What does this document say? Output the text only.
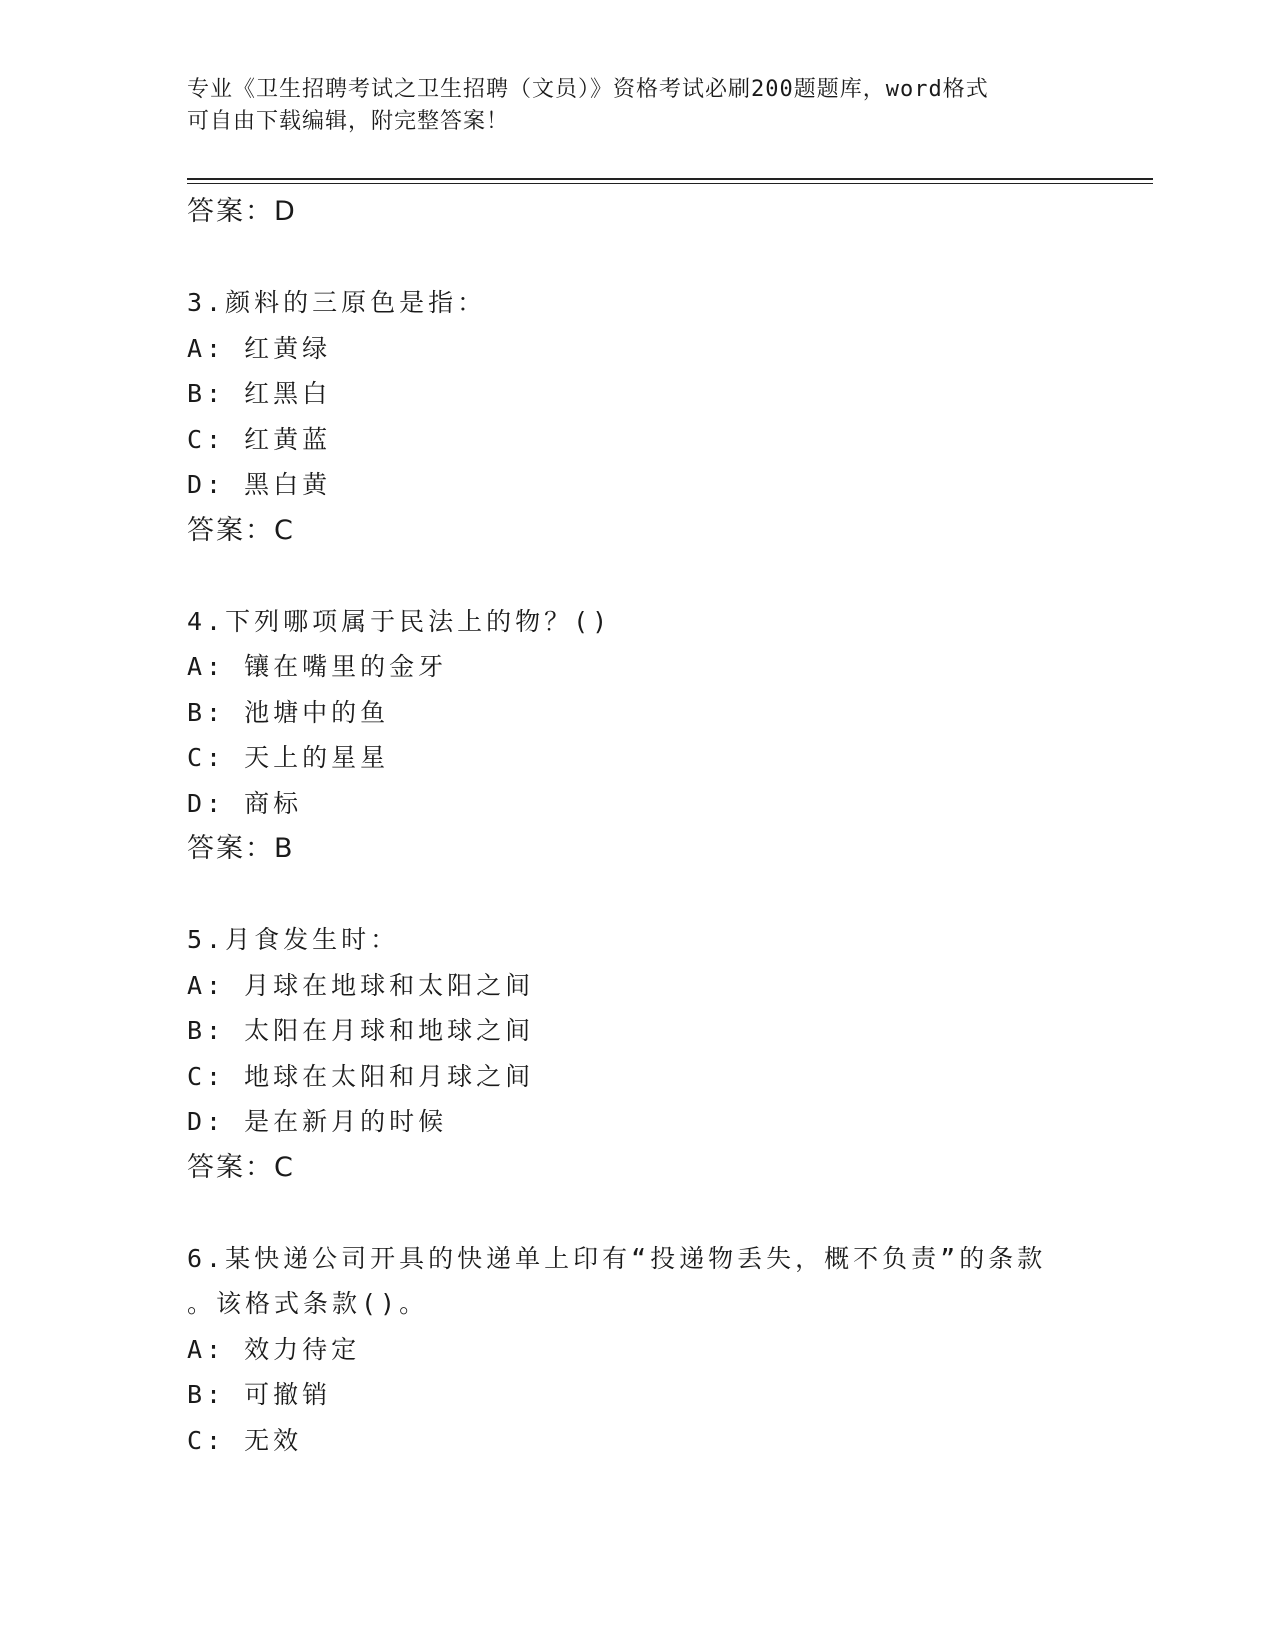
专业《卫生招聘考试之卫生招聘（文员）》资格考试必刷200题题库，word格式
可自由下载编辑，附完整答案！
答案：D
3.颜料的三原色是指：
A: 红黄绿
B: 红黑白
C: 红黄蓝
D: 黑白黄
答案：C
4.下列哪项属于民法上的物？()
A: 镶在嘴里的金牙
B: 池塘中的鱼
C: 天上的星星
D: 商标
答案：B
5.月食发生时：
A: 月球在地球和太阳之间
B: 太阳在月球和地球之间
C: 地球在太阳和月球之间
D: 是在新月的时候
答案：C
6.某快递公司开具的快递单上印有“投递物丢失，概不负责”的条款
。该格式条款()。
A: 效力待定
B: 可撤销
C: 无效
